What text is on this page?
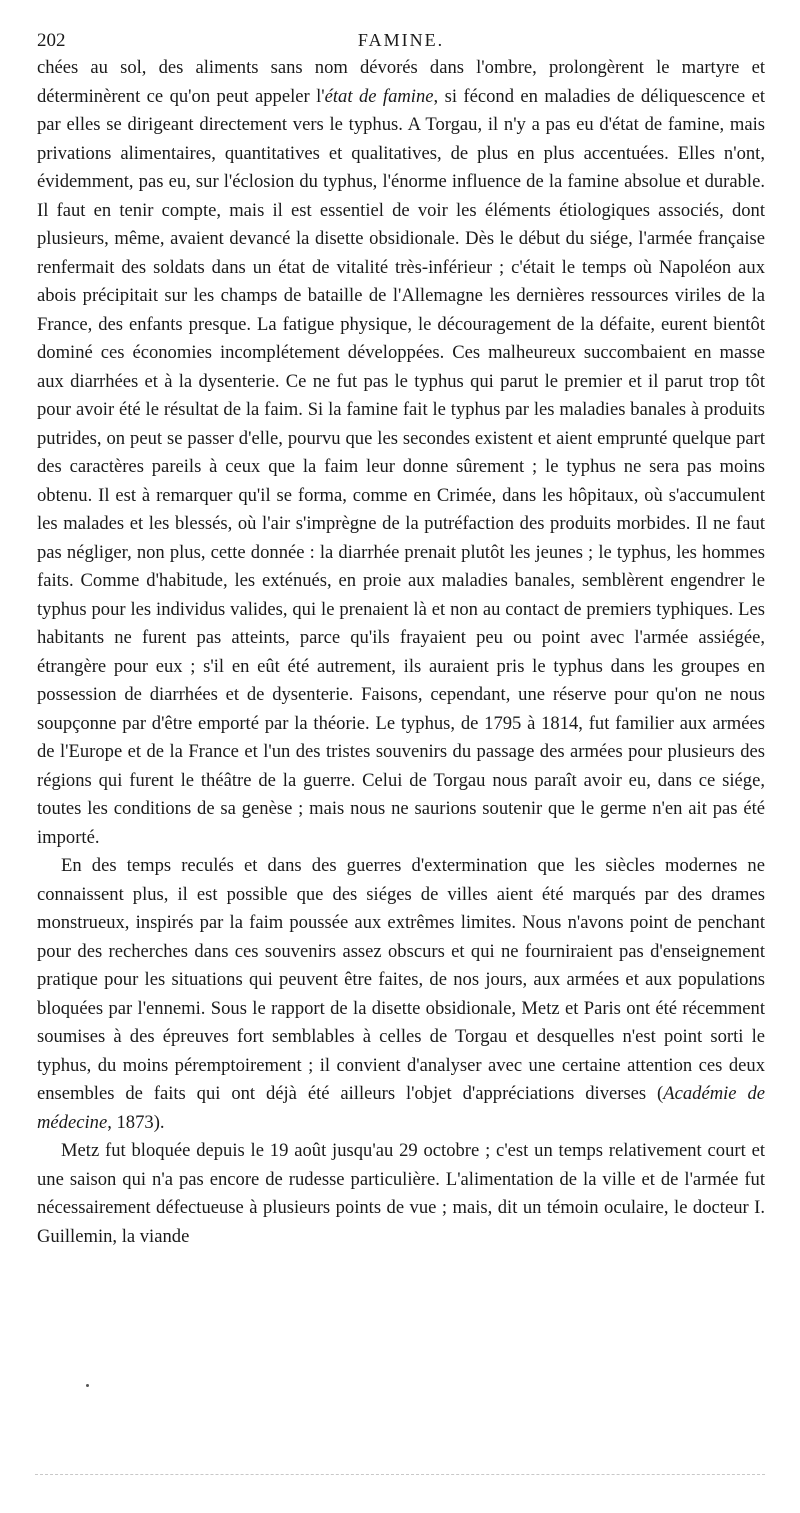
202	FAMINE.

chées au sol, des aliments sans nom dévorés dans l'ombre, prolongèrent le martyre et déterminèrent ce qu'on peut appeler l'état de famine, si fécond en maladies de déliquescence et par elles se dirigeant directement vers le typhus. A Torgau, il n'y a pas eu d'état de famine, mais privations alimentaires, quantitatives et qualitatives, de plus en plus accentuées. Elles n'ont, évidemment, pas eu, sur l'éclosion du typhus, l'énorme influence de la famine absolue et durable. Il faut en tenir compte, mais il est essentiel de voir les éléments étiologiques associés, dont plusieurs, même, avaient devancé la disette obsidionale. Dès le début du siége, l'armée française renfermait des soldats dans un état de vitalité très-inférieur ; c'était le temps où Napoléon aux abois précipitait sur les champs de bataille de l'Allemagne les dernières ressources viriles de la France, des enfants presque. La fatigue physique, le découragement de la défaite, eurent bientôt dominé ces économies incomplétement développées. Ces malheureux succombaient en masse aux diarrhées et à la dysenterie. Ce ne fut pas le typhus qui parut le premier et il parut trop tôt pour avoir été le résultat de la faim. Si la famine fait le typhus par les maladies banales à produits putrides, on peut se passer d'elle, pourvu que les secondes existent et aient emprunté quelque part des caractères pareils à ceux que la faim leur donne sûrement ; le typhus ne sera pas moins obtenu. Il est à remarquer qu'il se forma, comme en Crimée, dans les hôpitaux, où s'accumulent les malades et les blessés, où l'air s'imprègne de la putréfaction des produits morbides. Il ne faut pas négliger, non plus, cette donnée : la diarrhée prenait plutôt les jeunes ; le typhus, les hommes faits. Comme d'habitude, les exténués, en proie aux maladies banales, semblèrent engendrer le typhus pour les individus valides, qui le prenaient là et non au contact de premiers typhiques. Les habitants ne furent pas atteints, parce qu'ils frayaient peu ou point avec l'armée assiégée, étrangère pour eux ; s'il en eût été autrement, ils auraient pris le typhus dans les groupes en possession de diarrhées et de dysenterie. Faisons, cependant, une réserve pour qu'on ne nous soupçonne par d'être emporté par la théorie. Le typhus, de 1795 à 1814, fut familier aux armées de l'Europe et de la France et l'un des tristes souvenirs du passage des armées pour plusieurs des régions qui furent le théâtre de la guerre. Celui de Torgau nous paraît avoir eu, dans ce siége, toutes les conditions de sa genèse ; mais nous ne saurions soutenir que le germe n'en ait pas été importé.

En des temps reculés et dans des guerres d'extermination que les siècles modernes ne connaissent plus, il est possible que des siéges de villes aient été marqués par des drames monstrueux, inspirés par la faim poussée aux extrêmes limites. Nous n'avons point de penchant pour des recherches dans ces souvenirs assez obscurs et qui ne fourniraient pas d'enseignement pratique pour les situations qui peuvent être faites, de nos jours, aux armées et aux populations bloquées par l'ennemi. Sous le rapport de la disette obsidionale, Metz et Paris ont été récemment soumises à des épreuves fort semblables à celles de Torgau et desquelles n'est point sorti le typhus, du moins péremptoirement ; il convient d'analyser avec une certaine attention ces deux ensembles de faits qui ont déjà été ailleurs l'objet d'appréciations diverses (Académie de médecine, 1873).

Metz fut bloquée depuis le 19 août jusqu'au 29 octobre ; c'est un temps relativement court et une saison qui n'a pas encore de rudesse particulière. L'alimentation de la ville et de l'armée fut nécessairement défectueuse à plusieurs points de vue ; mais, dit un témoin oculaire, le docteur I. Guillemin, la viande
